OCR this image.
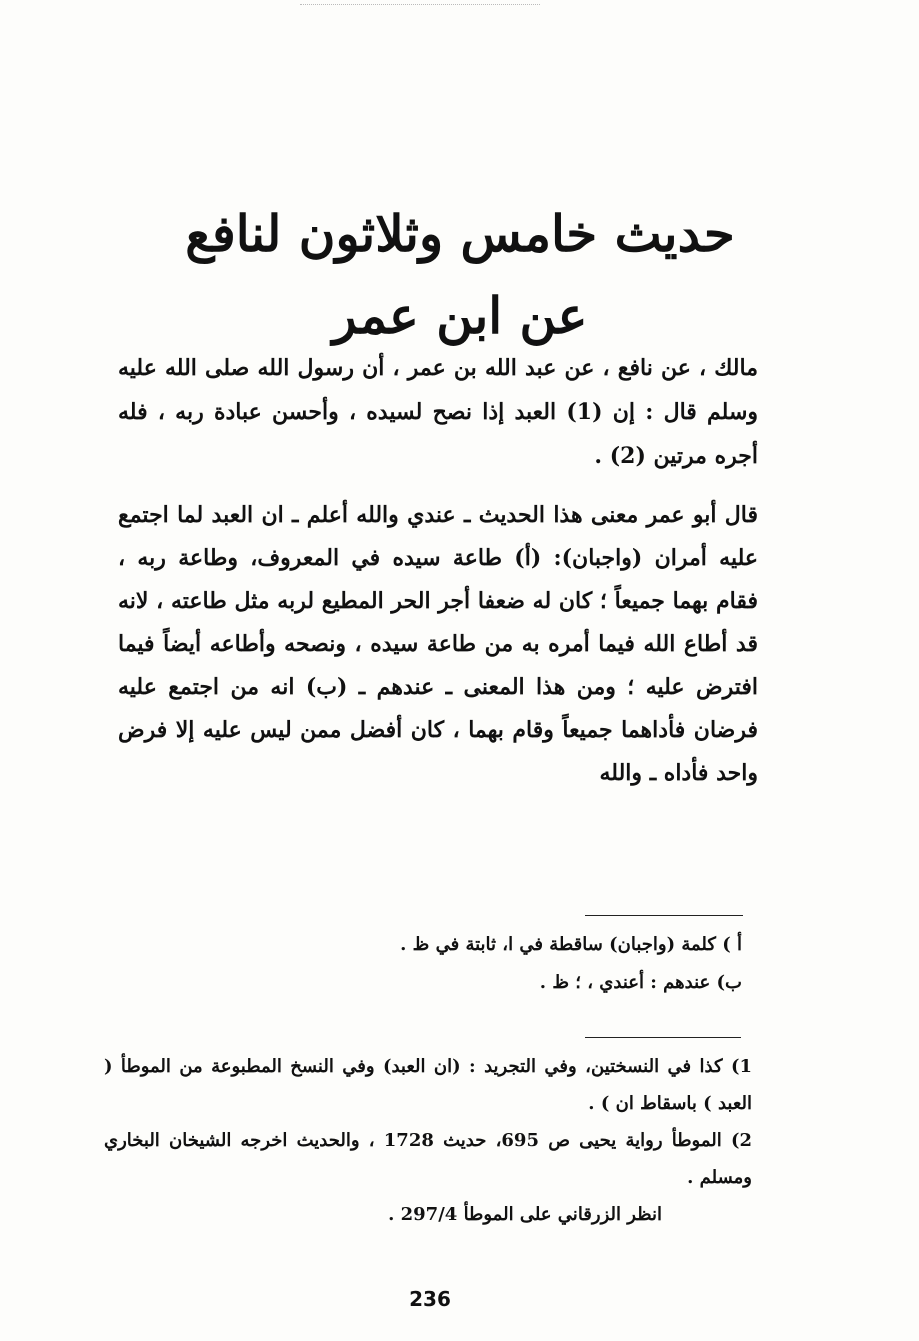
حديث خامس وثلاثون لنافع
عن ابن عمر

مالك ، عن نافع ، عن عبد الله بن عمر ، أن رسول الله صلى الله عليه وسلم قال : إن (1) العبد إذا نصح لسيده ، وأحسن عبادة ربه ، فله أجره مرتين (2) .

قال أبو عمر معنى هذا الحديث ـ عندي والله أعلم ـ ان العبد لما اجتمع عليه أمران (واجبان): (أ) طاعة سيده في المعروف، وطاعة ربه ، فقام بهما جميعاً ؛ كان له ضعفا أجر الحر المطيع لربه مثل طاعته ، لانه قد أطاع الله فيما أمره به من طاعة سيده ، ونصحه وأطاعه أيضاً فيما افترض عليه ؛ ومن هذا المعنى ـ عندهم ـ (ب) انه من اجتمع عليه فرضان فأداهما جميعاً وقام بهما ، كان أفضل ممن ليس عليه إلا فرض واحد فأداه ـ والله

أ ) كلمة (واجبان) ساقطة في ا، ثابتة في ظ .

ب) عندهم : أعندي ، ؛ ظ .

1) كذا في النسختين، وفي التجريد : (ان العبد) وفي النسخ المطبوعة من الموطأ ( العبد ) باسقاط ان ) .

2) الموطأ رواية يحيى ص 695، حديث 1728 ، والحديث اخرجه الشيخان البخاري ومسلم .

انظر الزرقاني على الموطأ 297/4 .
236
